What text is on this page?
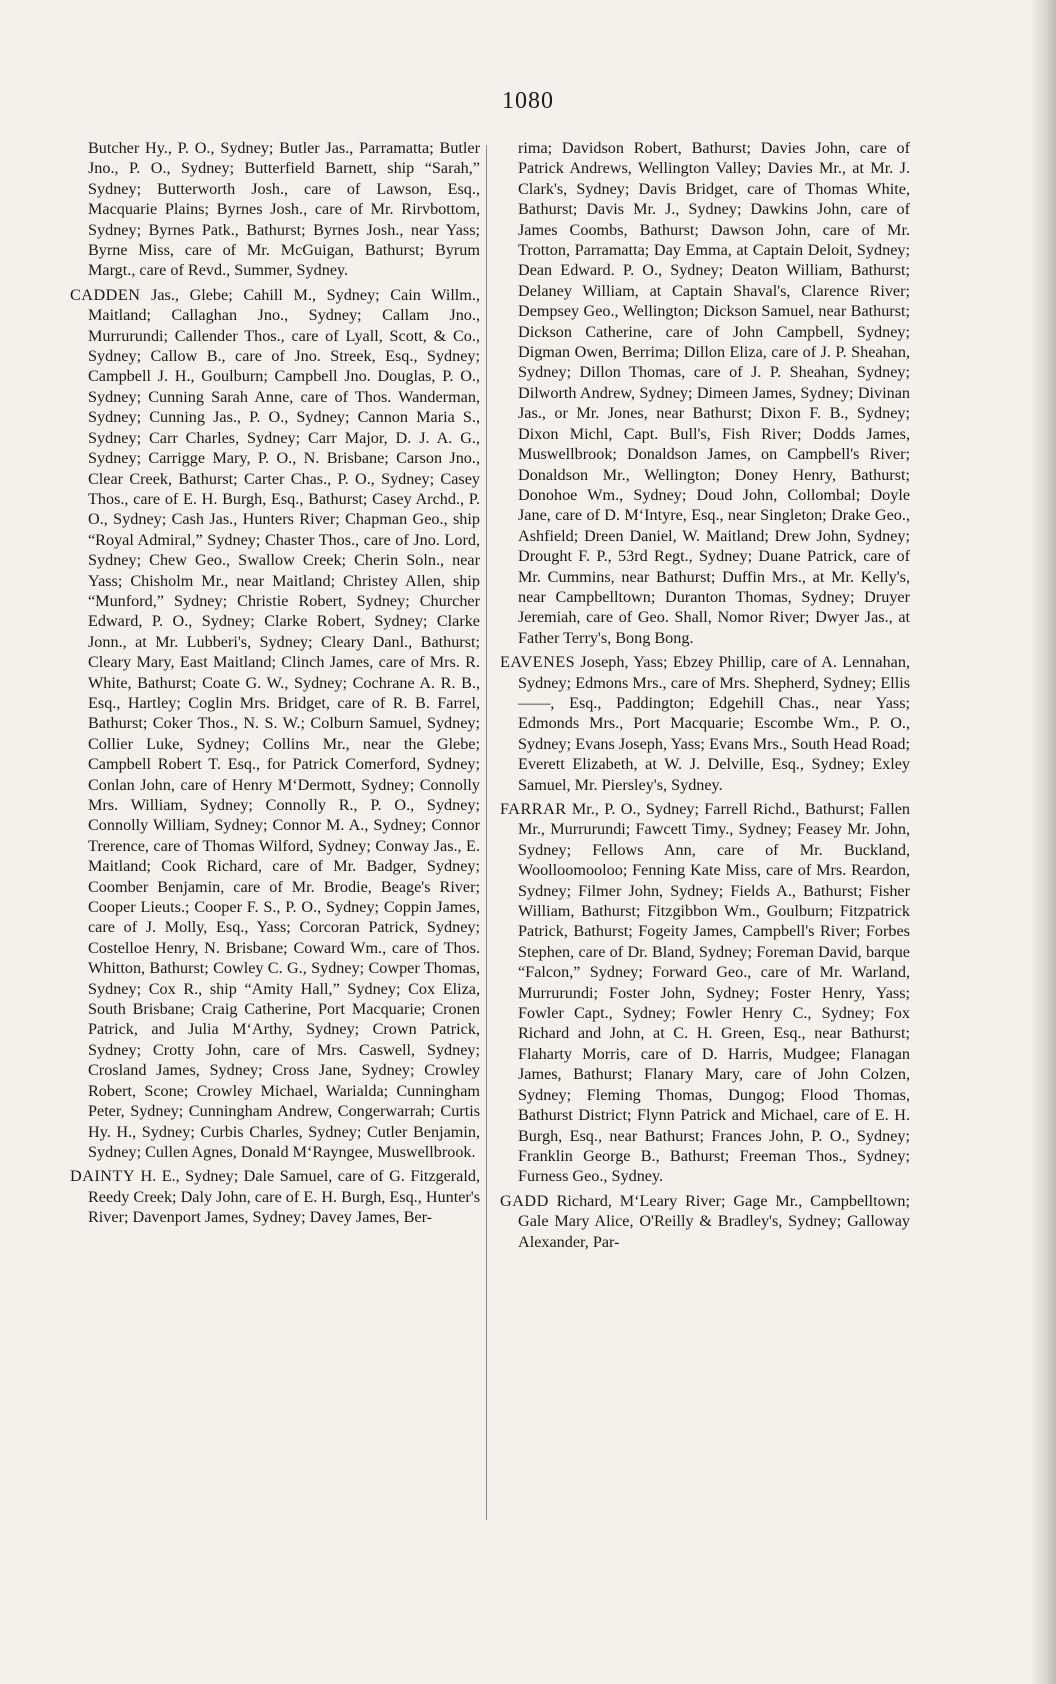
1080

Butcher Hy., P. O., Sydney; Butler Jas., Parramatta; Butler Jno., P. O., Sydney; Butterfield Barnett, ship “Sarah,” Sydney; Butterworth Josh., care of Lawson, Esq., Macquarie Plains; Byrnes Josh., care of Mr. Rirvbottom, Sydney; Byrnes Patk., Bathurst; Byrnes Josh., near Yass; Byrne Miss, care of Mr. McGuigan, Bathurst; Byrum Margt., care of Revd., Summer, Sydney.

CADDEN Jas., Glebe; Cahill M., Sydney; Cain Willm., Maitland; Callaghan Jno., Sydney; Callam Jno., Murrurundi; Callender Thos., care of Lyall, Scott, & Co., Sydney; Callow B., care of Jno. Streek, Esq., Sydney; Campbell J. H., Goulburn; Campbell Jno. Douglas, P. O., Sydney; Cunning Sarah Anne, care of Thos. Wanderman, Sydney; Cunning Jas., P. O., Sydney; Cannon Maria S., Sydney; Carr Charles, Sydney; Carr Major, D. J. A. G., Sydney; Carrigge Mary, P. O., N. Brisbane; Carson Jno., Clear Creek, Bathurst; Carter Chas., P. O., Sydney; Casey Thos., care of E. H. Burgh, Esq., Bathurst; Casey Archd., P. O., Sydney; Cash Jas., Hunters River; Chapman Geo., ship “Royal Admiral,” Sydney; Chaster Thos., care of Jno. Lord, Sydney; Chew Geo., Swallow Creek; Cherin Soln., near Yass; Chisholm Mr., near Maitland; Christey Allen, ship “Munford,” Sydney; Christie Robert, Sydney; Churcher Edward, P. O., Sydney; Clarke Robert, Sydney; Clarke Jonn., at Mr. Lubberi's, Sydney; Cleary Danl., Bathurst; Cleary Mary, East Maitland; Clinch James, care of Mrs. R. White, Bathurst; Coate G. W., Sydney; Cochrane A. R. B., Esq., Hartley; Coglin Mrs. Bridget, care of R. B. Farrel, Bathurst; Coker Thos., N. S. W.; Colburn Samuel, Sydney; Collier Luke, Sydney; Collins Mr., near the Glebe; Campbell Robert T. Esq., for Patrick Comerford, Sydney; Conlan John, care of Henry M‘Dermott, Sydney; Connolly Mrs. William, Sydney; Connolly R., P. O., Sydney; Connolly William, Sydney; Connor M. A., Sydney; Connor Trerence, care of Thomas Wilford, Sydney; Conway Jas., E. Maitland; Cook Richard, care of Mr. Badger, Sydney; Coomber Benjamin, care of Mr. Brodie, Beage's River; Cooper Lieuts.; Cooper F. S., P. O., Sydney; Coppin James, care of J. Molly, Esq., Yass; Corcoran Patrick, Sydney; Costelloe Henry, N. Brisbane; Coward Wm., care of Thos. Whitton, Bathurst; Cowley C. G., Sydney; Cowper Thomas, Sydney; Cox R., ship “Amity Hall,” Sydney; Cox Eliza, South Brisbane; Craig Catherine, Port Macquarie; Cronen Patrick, and Julia M‘Arthy, Sydney; Crown Patrick, Sydney; Crotty John, care of Mrs. Caswell, Sydney; Crosland James, Sydney; Cross Jane, Sydney; Crowley Robert, Scone; Crowley Michael, Warialda; Cunningham Peter, Sydney; Cunningham Andrew, Congerwarrah; Curtis Hy. H., Sydney; Curbis Charles, Sydney; Cutler Benjamin, Sydney; Cullen Agnes, Donald M‘Rayngee, Muswellbrook.

DAINTY H. E., Sydney; Dale Samuel, care of G. Fitzgerald, Reedy Creek; Daly John, care of E. H. Burgh, Esq., Hunter's River; Davenport James, Sydney; Davey James, Ber-

rima; Davidson Robert, Bathurst; Davies John, care of Patrick Andrews, Wellington Valley; Davies Mr., at Mr. J. Clark's, Sydney; Davis Bridget, care of Thomas White, Bathurst; Davis Mr. J., Sydney; Dawkins John, care of James Coombs, Bathurst; Dawson John, care of Mr. Trotton, Parramatta; Day Emma, at Captain Deloit, Sydney; Dean Edward. P. O., Sydney; Deaton William, Bathurst; Delaney William, at Captain Shaval's, Clarence River; Dempsey Geo., Wellington; Dickson Samuel, near Bathurst; Dickson Catherine, care of John Campbell, Sydney; Digman Owen, Berrima; Dillon Eliza, care of J. P. Sheahan, Sydney; Dillon Thomas, care of J. P. Sheahan, Sydney; Dilworth Andrew, Sydney; Dimeen James, Sydney; Divinan Jas., or Mr. Jones, near Bathurst; Dixon F. B., Sydney; Dixon Michl, Capt. Bull's, Fish River; Dodds James, Muswellbrook; Donaldson James, on Campbell's River; Donaldson Mr., Wellington; Doney Henry, Bathurst; Donohoe Wm., Sydney; Doud John, Collombal; Doyle Jane, care of D. M‘Intyre, Esq., near Singleton; Drake Geo., Ashfield; Dreen Daniel, W. Maitland; Drew John, Sydney; Drought F. P., 53rd Regt., Sydney; Duane Patrick, care of Mr. Cummins, near Bathurst; Duffin Mrs., at Mr. Kelly's, near Campbelltown; Duranton Thomas, Sydney; Druyer Jeremiah, care of Geo. Shall, Nomor River; Dwyer Jas., at Father Terry's, Bong Bong.

EAVENES Joseph, Yass; Ebzey Phillip, care of A. Lennahan, Sydney; Edmons Mrs., care of Mrs. Shepherd, Sydney; Ellis ——, Esq., Paddington; Edgehill Chas., near Yass; Edmonds Mrs., Port Macquarie; Escombe Wm., P. O., Sydney; Evans Joseph, Yass; Evans Mrs., South Head Road; Everett Elizabeth, at W. J. Delville, Esq., Sydney; Exley Samuel, Mr. Piersley's, Sydney.

FARRAR Mr., P. O., Sydney; Farrell Richd., Bathurst; Fallen Mr., Murrurundi; Fawcett Timy., Sydney; Feasey Mr. John, Sydney; Fellows Ann, care of Mr. Buckland, Woolloomooloo; Fenning Kate Miss, care of Mrs. Reardon, Sydney; Filmer John, Sydney; Fields A., Bathurst; Fisher William, Bathurst; Fitzgibbon Wm., Goulburn; Fitzpatrick Patrick, Bathurst; Fogeity James, Campbell's River; Forbes Stephen, care of Dr. Bland, Sydney; Foreman David, barque “Falcon,” Sydney; Forward Geo., care of Mr. Warland, Murrurundi; Foster John, Sydney; Foster Henry, Yass; Fowler Capt., Sydney; Fowler Henry C., Sydney; Fox Richard and John, at C. H. Green, Esq., near Bathurst; Flaharty Morris, care of D. Harris, Mudgee; Flanagan James, Bathurst; Flanary Mary, care of John Colzen, Sydney; Fleming Thomas, Dungog; Flood Thomas, Bathurst District; Flynn Patrick and Michael, care of E. H. Burgh, Esq., near Bathurst; Frances John, P. O., Sydney; Franklin George B., Bathurst; Freeman Thos., Sydney; Furness Geo., Sydney.

GADD Richard, M‘Leary River; Gage Mr., Campbelltown; Gale Mary Alice, O'Reilly & Bradley's, Sydney; Galloway Alexander, Par-
